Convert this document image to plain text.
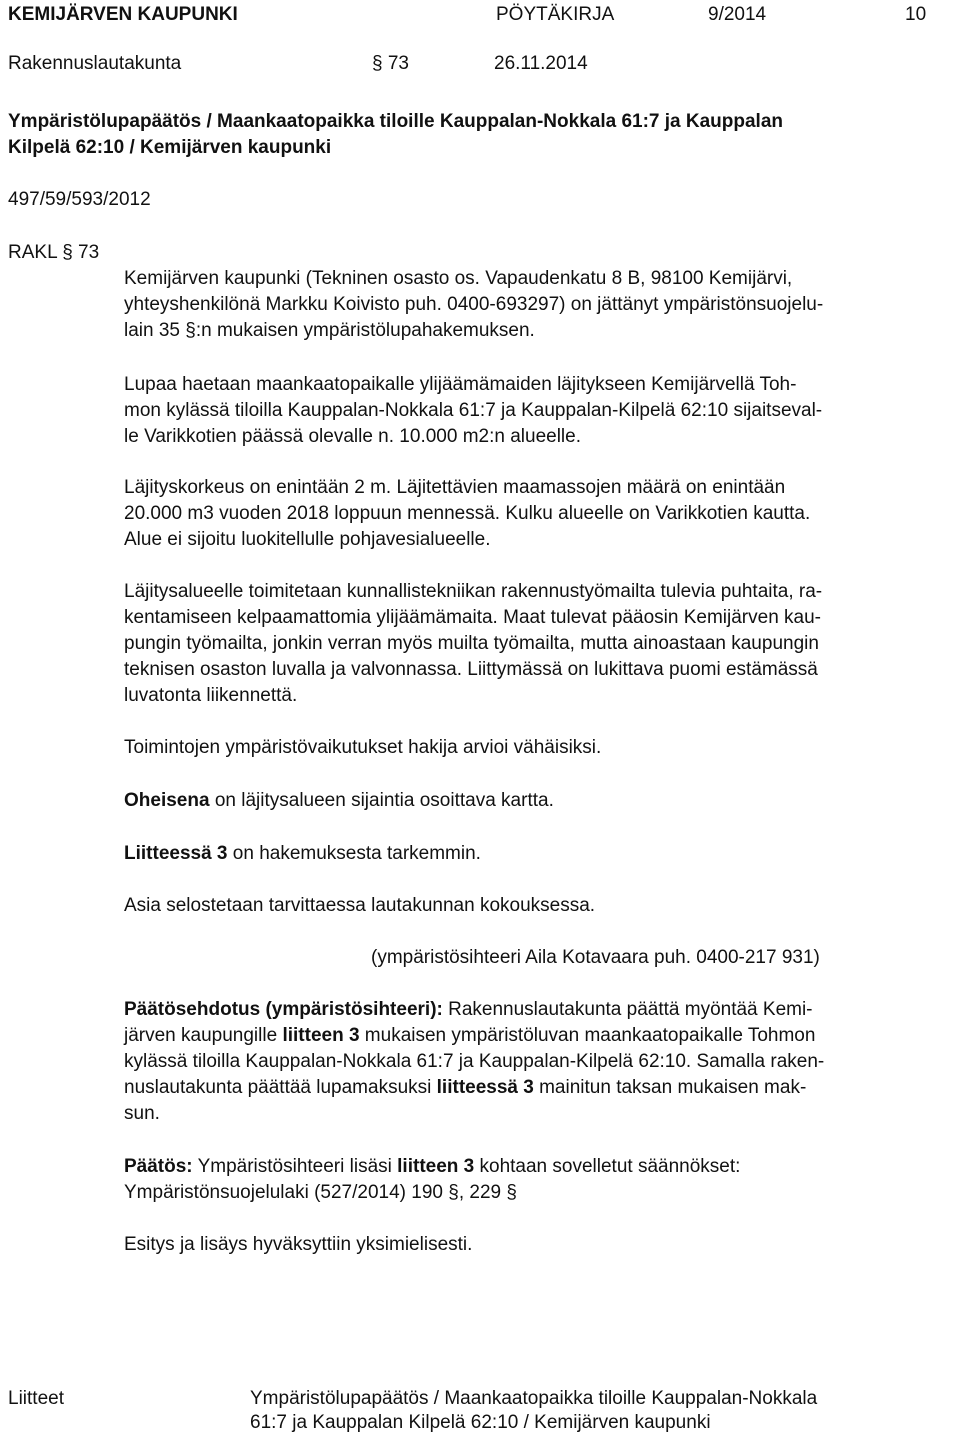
KEMIJÄRVEN KAUPUNKI	PÖYTÄKIRJA	9/2014	10
Rakennuslautakunta	§ 73	26.11.2014
Ympäristölupapäätös / Maankaatopaikka tiloille Kauppalan-Nokkala 61:7 ja Kauppalan
Kilpelä 62:10 / Kemijärven kaupunki
497/59/593/2012
RAKL § 73
Kemijärven kaupunki (Tekninen osasto os. Vapaudenkatu 8 B, 98100 Kemijärvi,
yhteyshenkilönä Markku Koivisto puh. 0400-693297) on jättänyt ympäristönsuojelu-
lain 35 §:n mukaisen ympäristölupahakemuksen.
Lupaa haetaan maankaatopaikalle ylijäämämaiden läjitykseen Kemijärvellä Toh-
mon kylässä tiloilla Kauppalan-Nokkala 61:7 ja Kauppalan-Kilpelä 62:10 sijaitseval-
le Varikkotien päässä olevalle n. 10.000 m2:n alueelle.
Läjityskorkeus on enintään 2 m. Läjitettävien maamassojen määrä on enintään
20.000 m3 vuoden 2018 loppuun mennessä. Kulku alueelle on Varikkotien kautta.
Alue ei sijoitu luokitellulle pohjavesialueelle.
Läjitysalueelle toimitetaan kunnallistekniikan rakennustyömailta tulevia puhtaita, ra-
kentamiseen kelpaamattomia ylijäämämaita. Maat tulevat pääosin Kemijärven kau-
pungin työmailta, jonkin verran myös muilta työmailta, mutta ainoastaan kaupungin
teknisen osaston luvalla ja valvonnassa. Liittymässä on lukittava puomi estämässä
luvatonta liikennettä.
Toimintojen ympäristövaikutukset hakija arvioi vähäisiksi.
Oheisena on läjitysalueen sijaintia osoittava kartta.
Liitteessä 3 on hakemuksesta tarkemmin.
Asia selostetaan tarvittaessa lautakunnan kokouksessa.
(ympäristösihteeri Aila Kotavaara puh. 0400-217 931)
Päätösehdotus (ympäristösihteeri): Rakennuslautakunta päättä myöntää Kemi-
järven kaupungille liitteen 3 mukaisen ympäristöluvan maankaatopaikalle Tohmon
kylässä tiloilla Kauppalan-Nokkala 61:7 ja Kauppalan-Kilpelä 62:10. Samalla raken-
nuslautakunta päättää lupamaksuksi liitteessä 3 mainitun taksan mukaisen mak-
sun.
Päätös: Ympäristösihteeri lisäsi liitteen 3 kohtaan sovelletut säännökset:
Ympäristönsuojelulaki (527/2014) 190 §, 229 §
Esitys ja lisäys hyväksyttiin yksimielisesti.
Liitteet	Ympäristölupapäätös / Maankaatopaikka tiloille Kauppalan-Nokkala
61:7 ja Kauppalan Kilpelä 62:10 / Kemijärven kaupunki
